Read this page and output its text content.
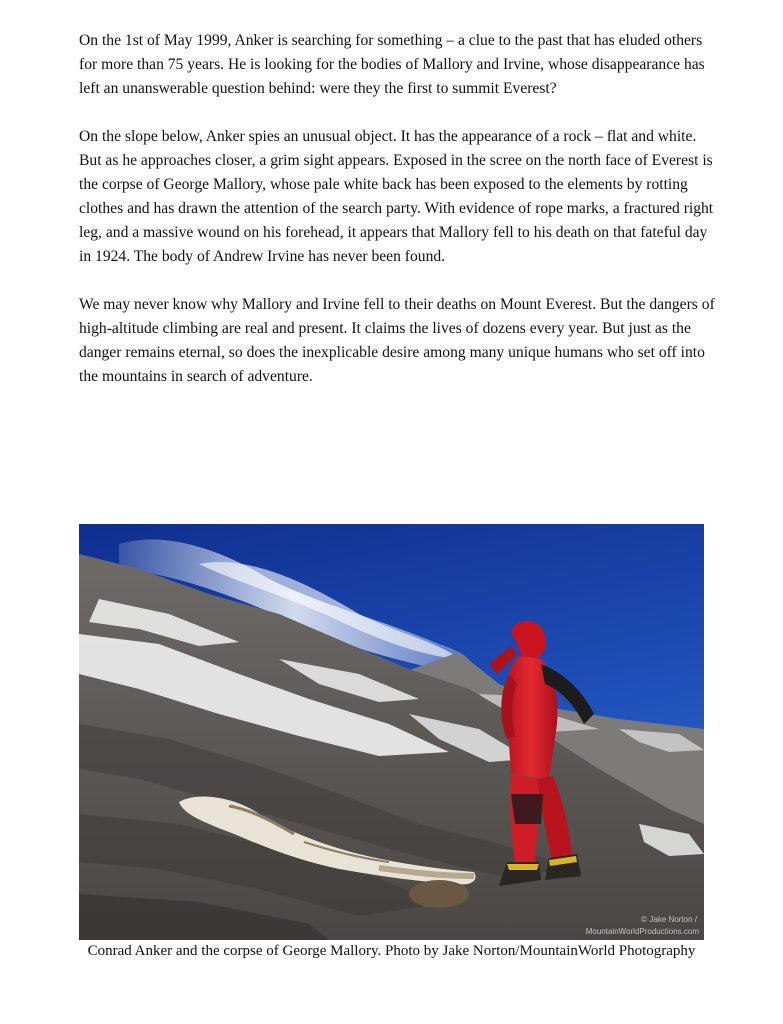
On the 1st of May 1999, Anker is searching for something – a clue to the past that has eluded others for more than 75 years. He is looking for the bodies of Mallory and Irvine, whose disappearance has left an unanswerable question behind: were they the first to summit Everest?

On the slope below, Anker spies an unusual object. It has the appearance of a rock – flat and white. But as he approaches closer, a grim sight appears. Exposed in the scree on the north face of Everest is the corpse of George Mallory, whose pale white back has been exposed to the elements by rotting clothes and has drawn the attention of the search party. With evidence of rope marks, a fractured right leg, and a massive wound on his forehead, it appears that Mallory fell to his death on that fateful day in 1924. The body of Andrew Irvine has never been found.

We may never know why Mallory and Irvine fell to their deaths on Mount Everest. But the dangers of high-altitude climbing are real and present. It claims the lives of dozens every year. But just as the danger remains eternal, so does the inexplicable desire among many unique humans who set off into the mountains in search of adventure.

© Jake Norton /
MountainWorldProductions.com
Conrad Anker and the corpse of George Mallory. Photo by Jake Norton/MountainWorld Photography
